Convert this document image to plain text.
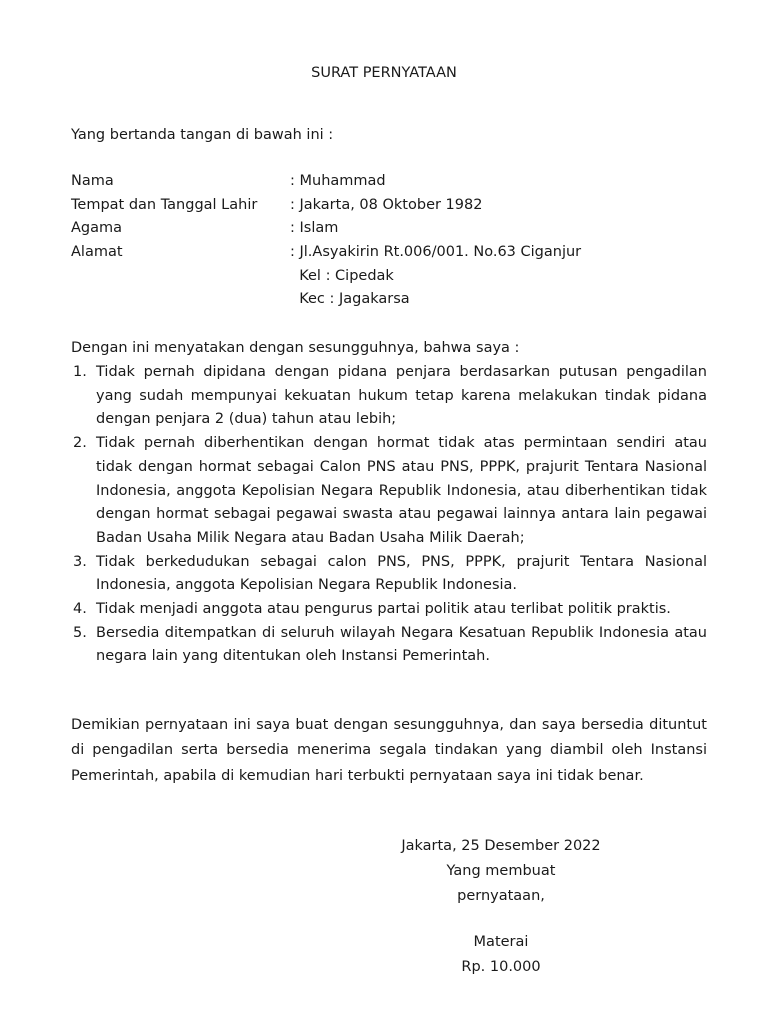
SURAT PERNYATAAN
Yang bertanda tangan di bawah ini :
Nama	: Muhammad
Tempat dan Tanggal Lahir	: Jakarta, 08 Oktober 1982
Agama	: Islam
Alamat	: Jl.Asyakirin Rt.006/001. No.63 Ciganjur
Kel : Cipedak
Kec : Jagakarsa
Dengan ini menyatakan dengan sesungguhnya, bahwa saya :
1. Tidak pernah dipidana dengan pidana penjara berdasarkan putusan pengadilan yang sudah mempunyai kekuatan hukum tetap karena melakukan tindak pidana dengan penjara 2 (dua) tahun atau lebih;
2. Tidak pernah diberhentikan dengan hormat tidak atas permintaan sendiri atau tidak dengan hormat sebagai Calon PNS atau PNS, PPPK, prajurit Tentara Nasional Indonesia, anggota Kepolisian Negara Republik Indonesia, atau diberhentikan tidak dengan hormat sebagai pegawai swasta atau pegawai lainnya antara lain pegawai Badan Usaha Milik Negara atau Badan Usaha Milik Daerah;
3. Tidak berkedudukan sebagai calon PNS, PNS, PPPK, prajurit Tentara Nasional Indonesia, anggota Kepolisian Negara Republik Indonesia.
4. Tidak menjadi anggota atau pengurus partai politik atau terlibat politik praktis.
5. Bersedia ditempatkan di seluruh wilayah Negara Kesatuan Republik Indonesia atau negara lain yang ditentukan oleh Instansi Pemerintah.

Demikian pernyataan ini saya buat dengan sesungguhnya, dan saya bersedia dituntut di pengadilan serta bersedia menerima segala tindakan yang diambil oleh Instansi Pemerintah, apabila di kemudian hari terbukti pernyataan saya ini tidak benar.

Jakarta, 25 Desember 2022
Yang membuat
pernyataan,
Materai
Rp. 10.000
